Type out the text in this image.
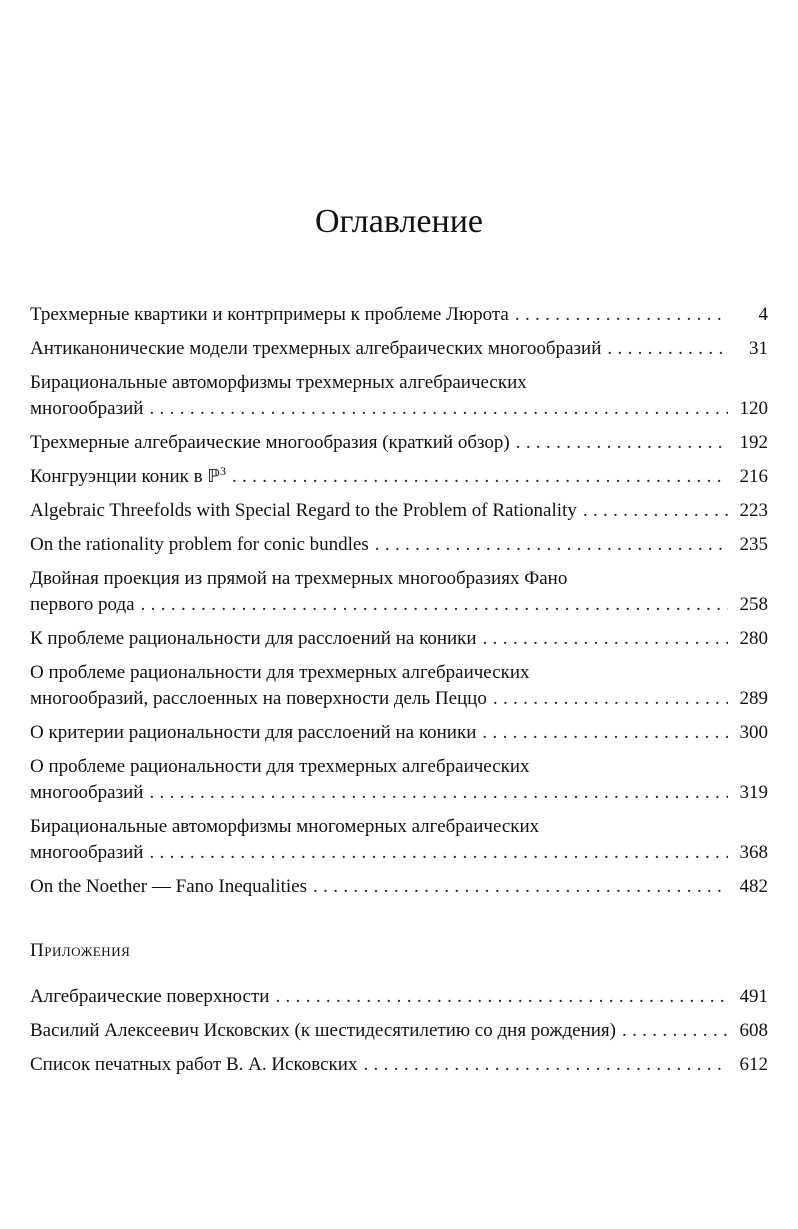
Оглавление
Трехмерные квартики и контрпримеры к проблеме Люрота . . .	4
Антиканонические модели трехмерных алгебраических многообразий . . .	31
Бирациональные автоморфизмы трехмерных алгебраических
многообразий . . .	120
Трехмерные алгебраические многообразия (краткий обзор) . . .	192
Конгруэнции коник в ℙ$^3$ . . .	216
Algebraic Threefolds with Special Regard to the Problem of Rationality . . .	223
On the rationality problem for conic bundles . . .	235
Двойная проекция из прямой на трехмерных многообразиях Фано
первого рода . . .	258
К проблеме рациональности для расслоений на коники . . .	280
О проблеме рациональности для трехмерных алгебраических
многообразий, расслоенных на поверхности дель Пеццо . . .	289
О критерии рациональности для расслоений на коники . . .	300
О проблеме рациональности для трехмерных алгебраических
многообразий . . .	319
Бирациональные автоморфизмы многомерных алгебраических
многообразий . . .	368
On the Noether — Fano Inequalities . . .	482
Приложения
Алгебраические поверхности . . .	491
Василий Алексеевич Исковских (к шестидесятилетию со дня рождения) . . .	608
Список печатных работ В. А. Исковских . . .	612
